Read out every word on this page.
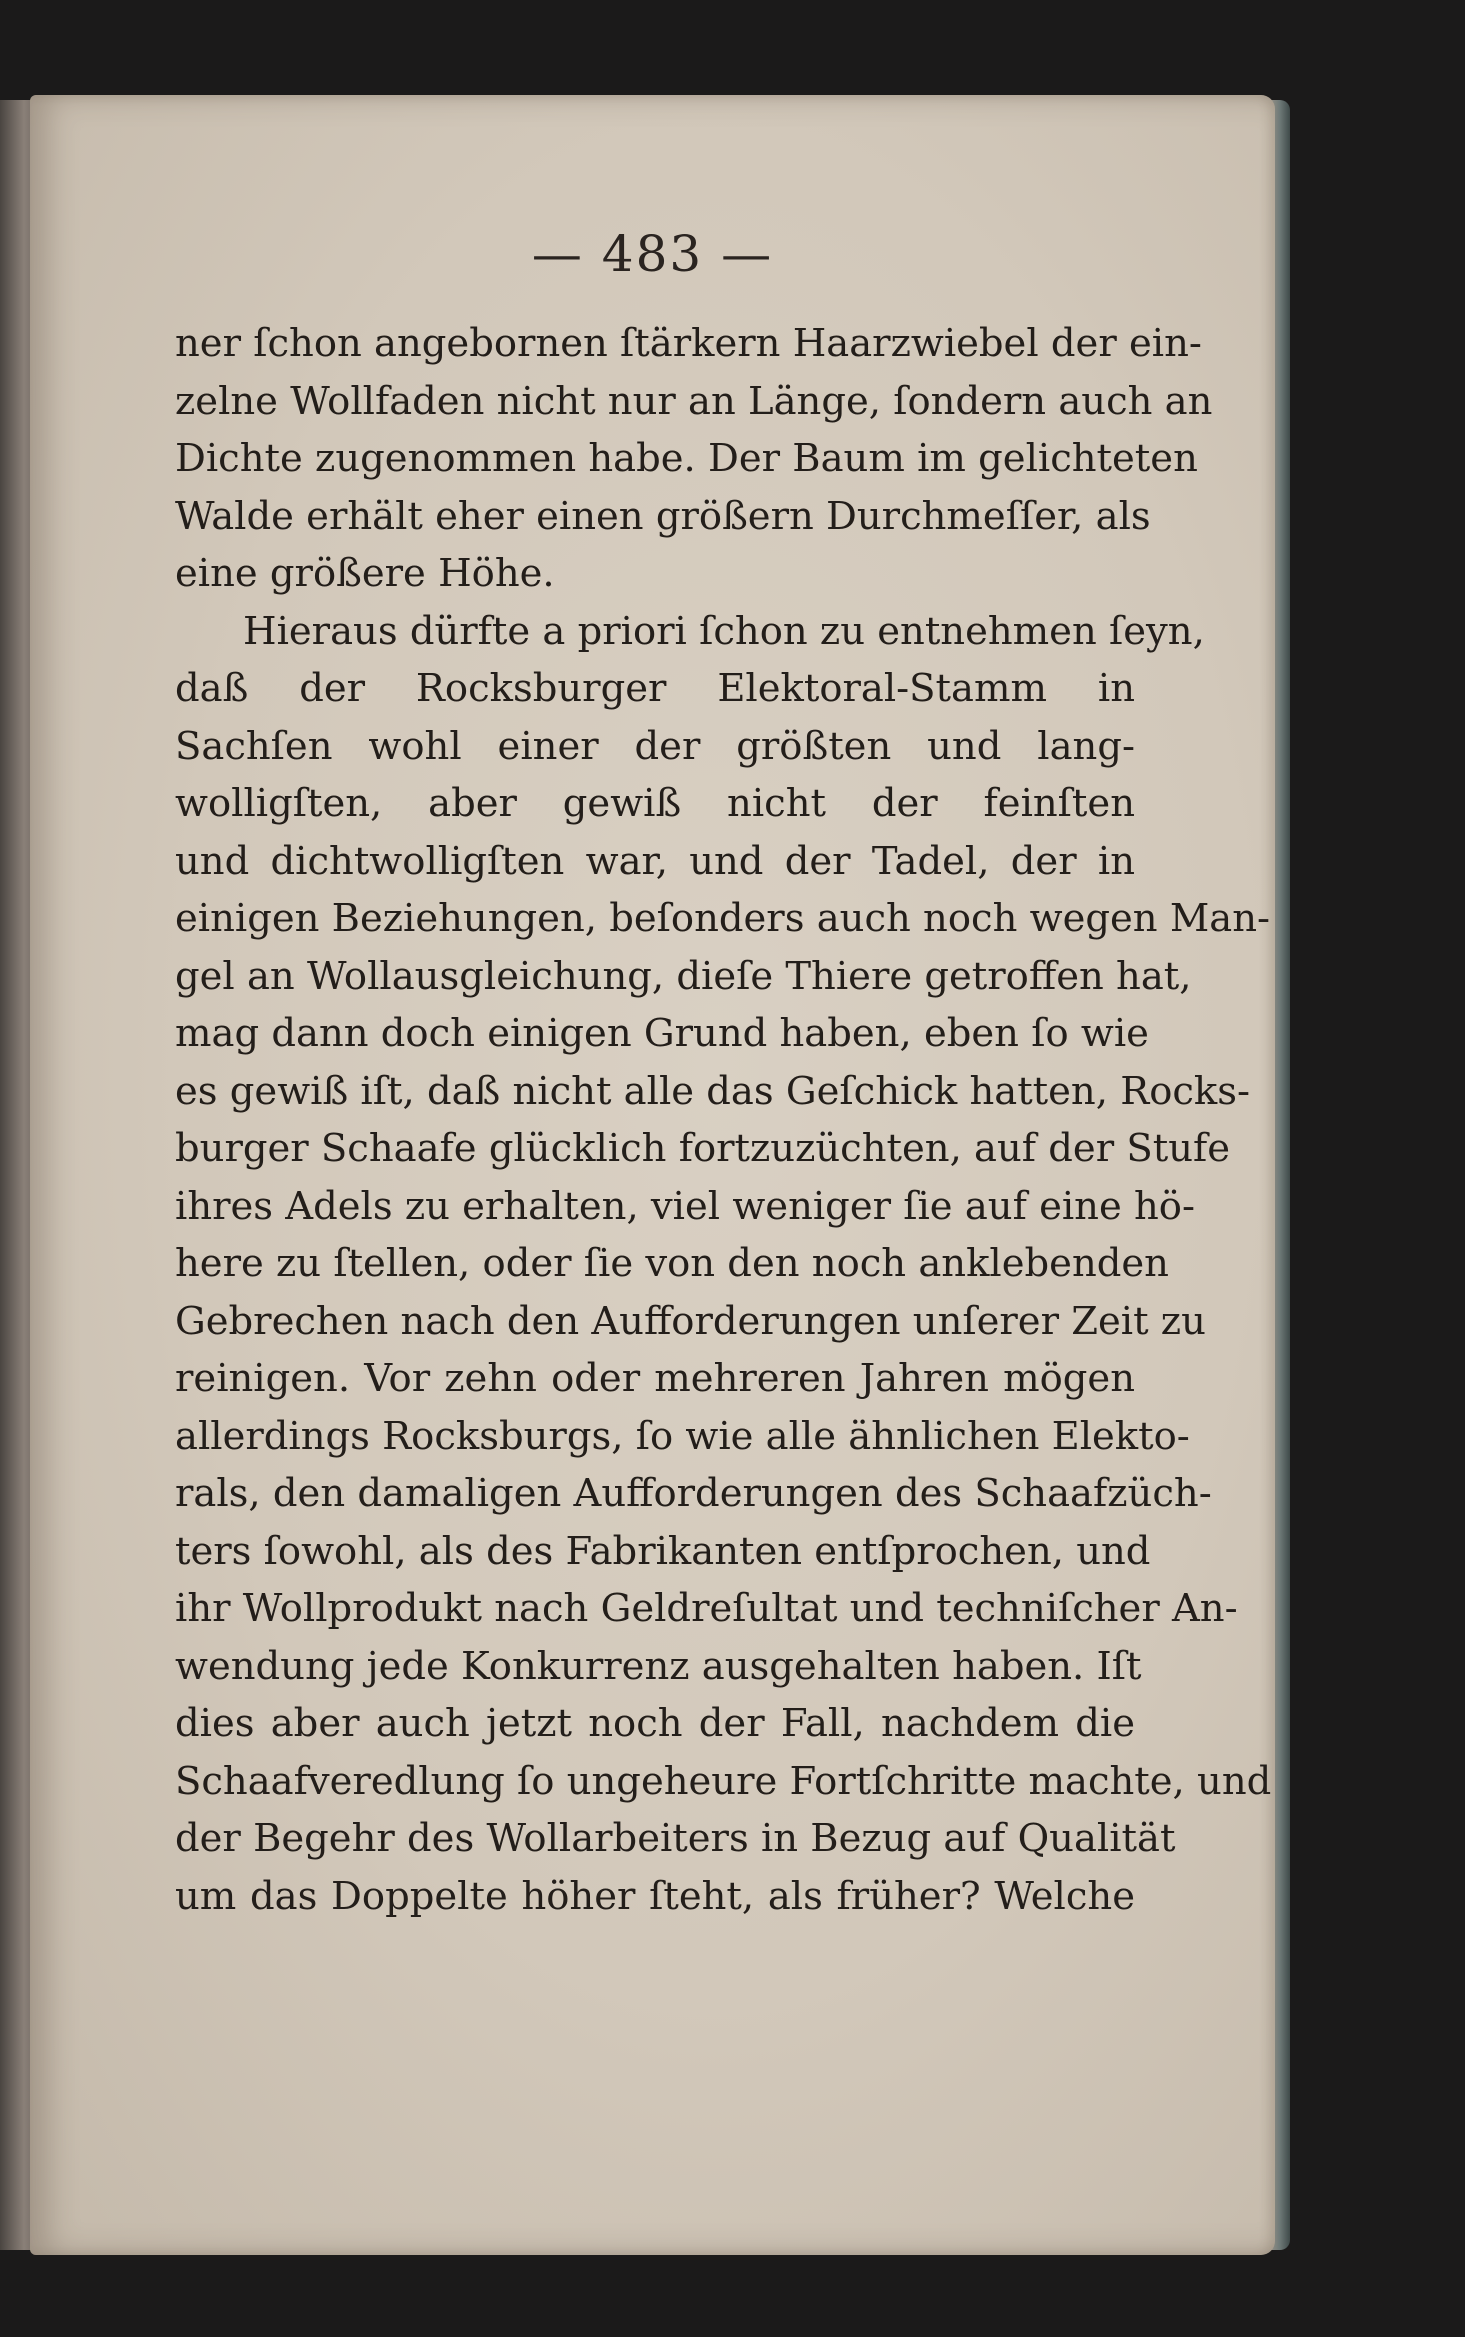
— 483 —
ner ſchon angebornen ſtärkern Haarzwiebel der ein-
zelne Wollfaden nicht nur an Länge, ſondern auch an
Dichte zugenommen habe. Der Baum im gelichteten
Walde erhält eher einen größern Durchmeſſer, als
eine größere Höhe.
Hieraus dürfte a priori ſchon zu entnehmen ſeyn,
daß der Rocksburger Elektoral-Stamm in
Sachſen wohl einer der größten und lang-
wolligſten, aber gewiß nicht der feinſten
und dichtwolligſten war, und der Tadel, der in
einigen Beziehungen, beſonders auch noch wegen Man-
gel an Wollausgleichung, dieſe Thiere getroffen hat,
mag dann doch einigen Grund haben, eben ſo wie
es gewiß iſt, daß nicht alle das Geſchick hatten, Rocks-
burger Schaafe glücklich fortzuzüchten, auf der Stufe
ihres Adels zu erhalten, viel weniger ſie auf eine hö-
here zu ſtellen, oder ſie von den noch anklebenden
Gebrechen nach den Aufforderungen unſerer Zeit zu
reinigen. Vor zehn oder mehreren Jahren mögen
allerdings Rocksburgs, ſo wie alle ähnlichen Elekto-
rals, den damaligen Aufforderungen des Schaafzüch-
ters ſowohl, als des Fabrikanten entſprochen, und
ihr Wollprodukt nach Geldreſultat und techniſcher An-
wendung jede Konkurrenz ausgehalten haben. Iſt
dies aber auch jetzt noch der Fall, nachdem die
Schaafveredlung ſo ungeheure Fortſchritte machte, und
der Begehr des Wollarbeiters in Bezug auf Qualität
um das Doppelte höher ſteht, als früher? Welche
